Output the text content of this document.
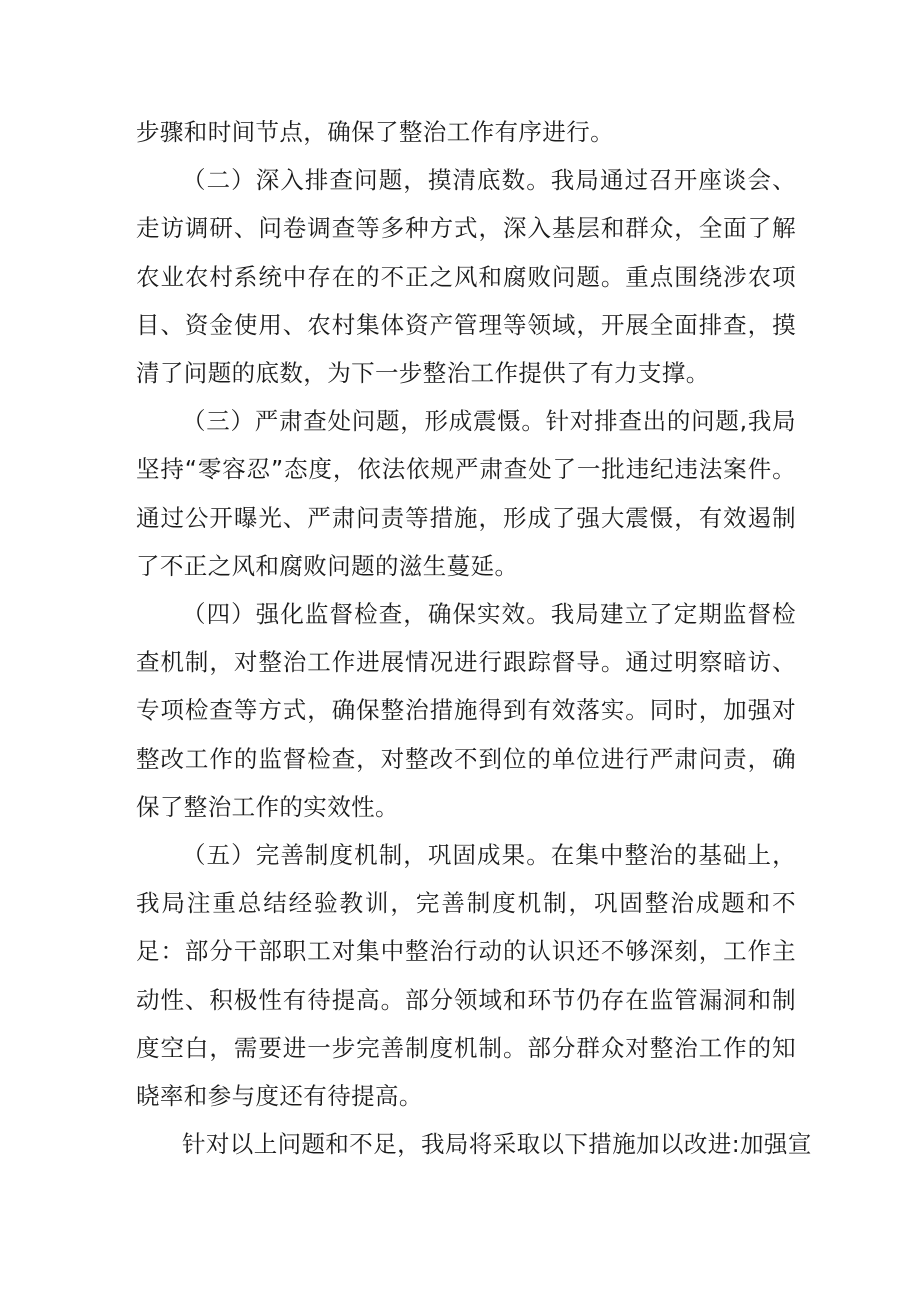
步骤和时间节点，确保了整治工作有序进行。

（二）深入排查问题，摸清底数。我局通过召开座谈会、走访调研、问卷调查等多种方式，深入基层和群众，全面了解农业农村系统中存在的不正之风和腐败问题。重点围绕涉农项目、资金使用、农村集体资产管理等领域，开展全面排查，摸清了问题的底数，为下一步整治工作提供了有力支撑。

（三）严肃查处问题，形成震慑。针对排查出的问题,我局坚持“零容忍”态度，依法依规严肃查处了一批违纪违法案件。通过公开曝光、严肃问责等措施，形成了强大震慑，有效遏制了不正之风和腐败问题的滋生蔓延。

（四）强化监督检查，确保实效。我局建立了定期监督检查机制，对整治工作进展情况进行跟踪督导。通过明察暗访、专项检查等方式，确保整治措施得到有效落实。同时，加强对整改工作的监督检查，对整改不到位的单位进行严肃问责，确保了整治工作的实效性。

（五）完善制度机制，巩固成果。在集中整治的基础上，我局注重总结经验教训，完善制度机制，巩固整治成题和不足：部分干部职工对集中整治行动的认识还不够深刻，工作主动性、积极性有待提高。部分领域和环节仍存在监管漏洞和制度空白，需要进一步完善制度机制。部分群众对整治工作的知晓率和参与度还有待提高。

针对以上问题和不足，我局将采取以下措施加以改进:加强宣
